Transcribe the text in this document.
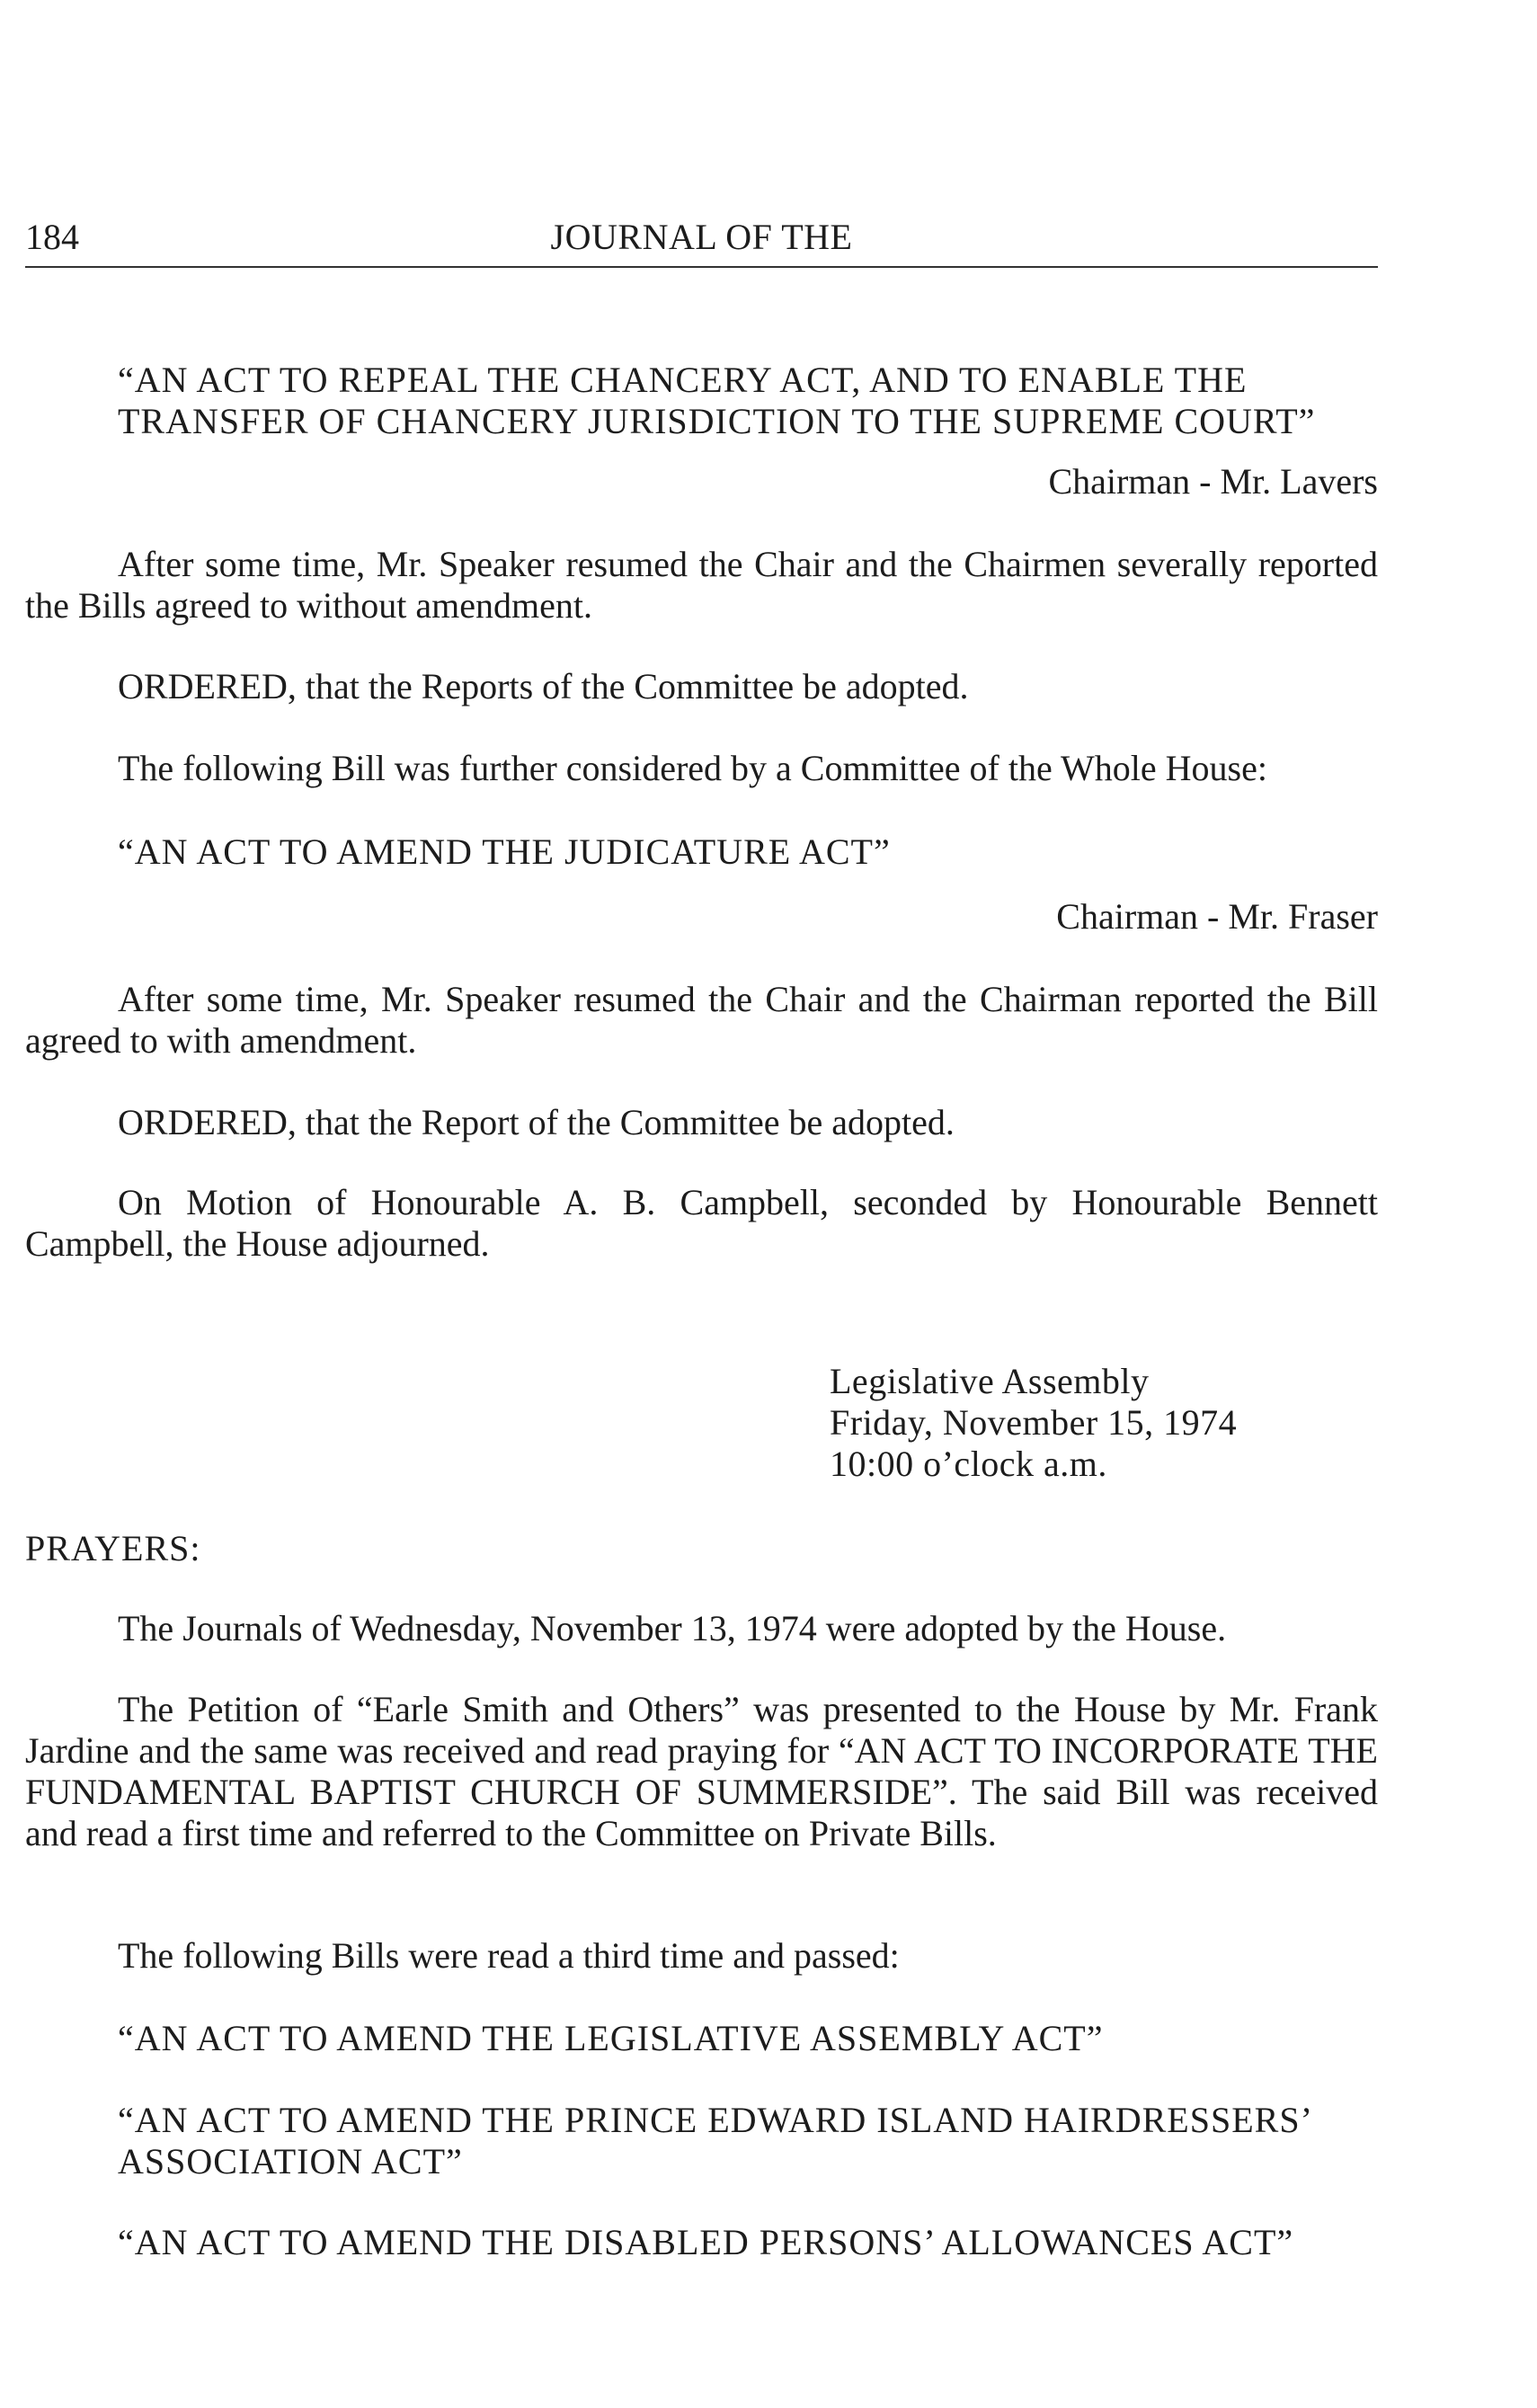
184	JOURNAL OF THE

“AN ACT TO REPEAL THE CHANCERY ACT, AND TO ENABLE THE TRANSFER OF CHANCERY JURISDICTION TO THE SUPREME COURT”

Chairman - Mr. Lavers

After some time, Mr. Speaker resumed the Chair and the Chairmen severally reported the Bills agreed to without amendment.

ORDERED, that the Reports of the Committee be adopted.

The following Bill was further considered by a Committee of the Whole House:

“AN ACT TO AMEND THE JUDICATURE ACT”

Chairman - Mr. Fraser

After some time, Mr. Speaker resumed the Chair and the Chairman reported the Bill agreed to with amendment.

ORDERED, that the Report of the Committee be adopted.

On Motion of Honourable A. B. Campbell, seconded by Honourable Bennett Campbell, the House adjourned.

Legislative Assembly
Friday, November 15, 1974
10:00 o’clock a.m.

PRAYERS:

The Journals of Wednesday, November 13, 1974 were adopted by the House.

The Petition of “Earle Smith and Others” was presented to the House by Mr. Frank Jardine and the same was received and read praying for “AN ACT TO INCORPORATE THE FUNDAMENTAL BAPTIST CHURCH OF SUMMERSIDE”. The said Bill was received and read a first time and referred to the Committee on Private Bills.

The following Bills were read a third time and passed:

“AN ACT TO AMEND THE LEGISLATIVE ASSEMBLY ACT”

“AN ACT TO AMEND THE PRINCE EDWARD ISLAND HAIRDRESSERS’ ASSOCIATION ACT”

“AN ACT TO AMEND THE DISABLED PERSONS’ ALLOWANCES ACT”
